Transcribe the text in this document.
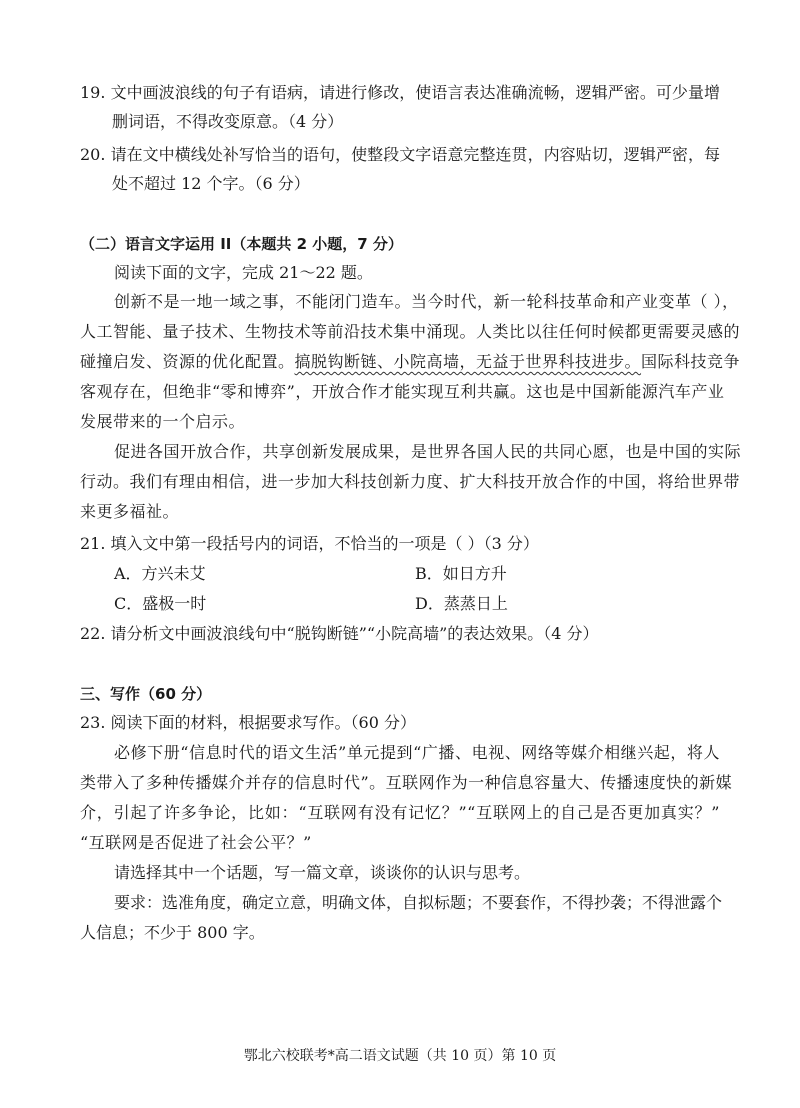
19. 文中画波浪线的句子有语病，请进行修改，使语言表达准确流畅，逻辑严密。可少量增
删词语，不得改变原意。（4 分）
20. 请在文中横线处补写恰当的语句，使整段文字语意完整连贯，内容贴切，逻辑严密，每
处不超过 12 个字。（6 分）
（二）语言文字运用 II（本题共 2 小题，7 分）
阅读下面的文字，完成 21～22 题。
创新不是一地一域之事，不能闭门造车。当今时代，新一轮科技革命和产业变革（ ），
人工智能、量子技术、生物技术等前沿技术集中涌现。人类比以往任何时候都更需要灵感的
碰撞启发、资源的优化配置。搞脱钩断链、小院高墙，无益于世界科技进步。国际科技竞争
客观存在，但绝非“零和博弈”，开放合作才能实现互利共赢。这也是中国新能源汽车产业
发展带来的一个启示。
促进各国开放合作，共享创新发展成果，是世界各国人民的共同心愿，也是中国的实际
行动。我们有理由相信，进一步加大科技创新力度、扩大科技开放合作的中国，将给世界带
来更多福祉。
21. 填入文中第一段括号内的词语，不恰当的一项是（ ）（3 分）
A．方兴未艾	B．如日方升
C．盛极一时	D．蒸蒸日上
22. 请分析文中画波浪线句中“脱钩断链”“小院高墙”的表达效果。（4 分）
三、写作（60 分）
23. 阅读下面的材料，根据要求写作。（60 分）
必修下册“信息时代的语文生活”单元提到“广播、电视、网络等媒介相继兴起，将人
类带入了多种传播媒介并存的信息时代”。互联网作为一种信息容量大、传播速度快的新媒
介，引起了许多争论，比如：“互联网有没有记忆？”“互联网上的自己是否更加真实？”
“互联网是否促进了社会公平？”
请选择其中一个话题，写一篇文章，谈谈你的认识与思考。
要求：选准角度，确定立意，明确文体，自拟标题；不要套作，不得抄袭；不得泄露个
人信息；不少于 800 字。
鄂北六校联考*高二语文试题（共 10 页）第 10 页
